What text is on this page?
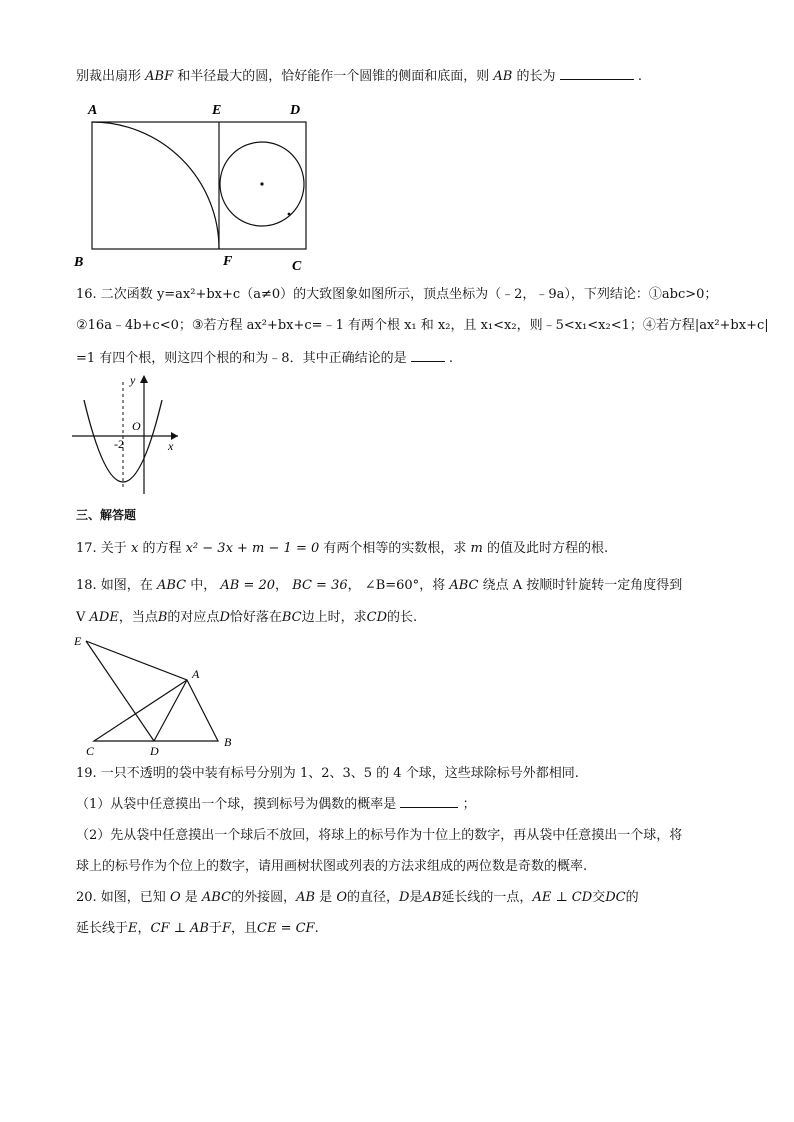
别裁出扇形 ABF 和半径最大的圆，恰好能作一个圆锥的侧面和底面，则 AB 的长为	.
A	E	D
B	F	C
16. 二次函数 y=ax²+bx+c（a≠0）的大致图象如图所示，顶点坐标为（﹣2，﹣9a），下列结论：①abc>0；
②16a﹣4b+c<0；③若方程 ax²+bx+c=﹣1 有两个根 x₁ 和 x₂，且 x₁<x₂，则﹣5<x₁<x₂<1；④若方程|ax²+bx+c|
=1 有四个根，则这四个根的和为﹣8．其中正确结论的是	.
y
x
O
-2
三、解答题
17. 关于 x 的方程 x² − 3x + m − 1 = 0 有两个相等的实数根，求 m 的值及此时方程的根.
18. 如图，在 ABC 中， AB = 20， BC = 36， ∠B=60°，将 ABC 绕点 A 按顺时针旋转一定角度得到
V ADE，当点B的对应点D恰好落在BC边上时，求CD的长.
E
A
C	D
B
19. 一只不透明的袋中装有标号分别为 1、2、3、5 的 4 个球，这些球除标号外都相同.
（1）从袋中任意摸出一个球，摸到标号为偶数的概率是	；
（2）先从袋中任意摸出一个球后不放回，将球上的标号作为十位上的数字，再从袋中任意摸出一个球，将
球上的标号作为个位上的数字，请用画树状图或列表的方法求组成的两位数是奇数的概率.
20. 如图，已知 O 是 ABC的外接圆，AB 是 O的直径，D是AB延长线的一点，AE ⊥ CD交DC的
延长线于E，CF ⊥ AB于F，且CE = CF.
